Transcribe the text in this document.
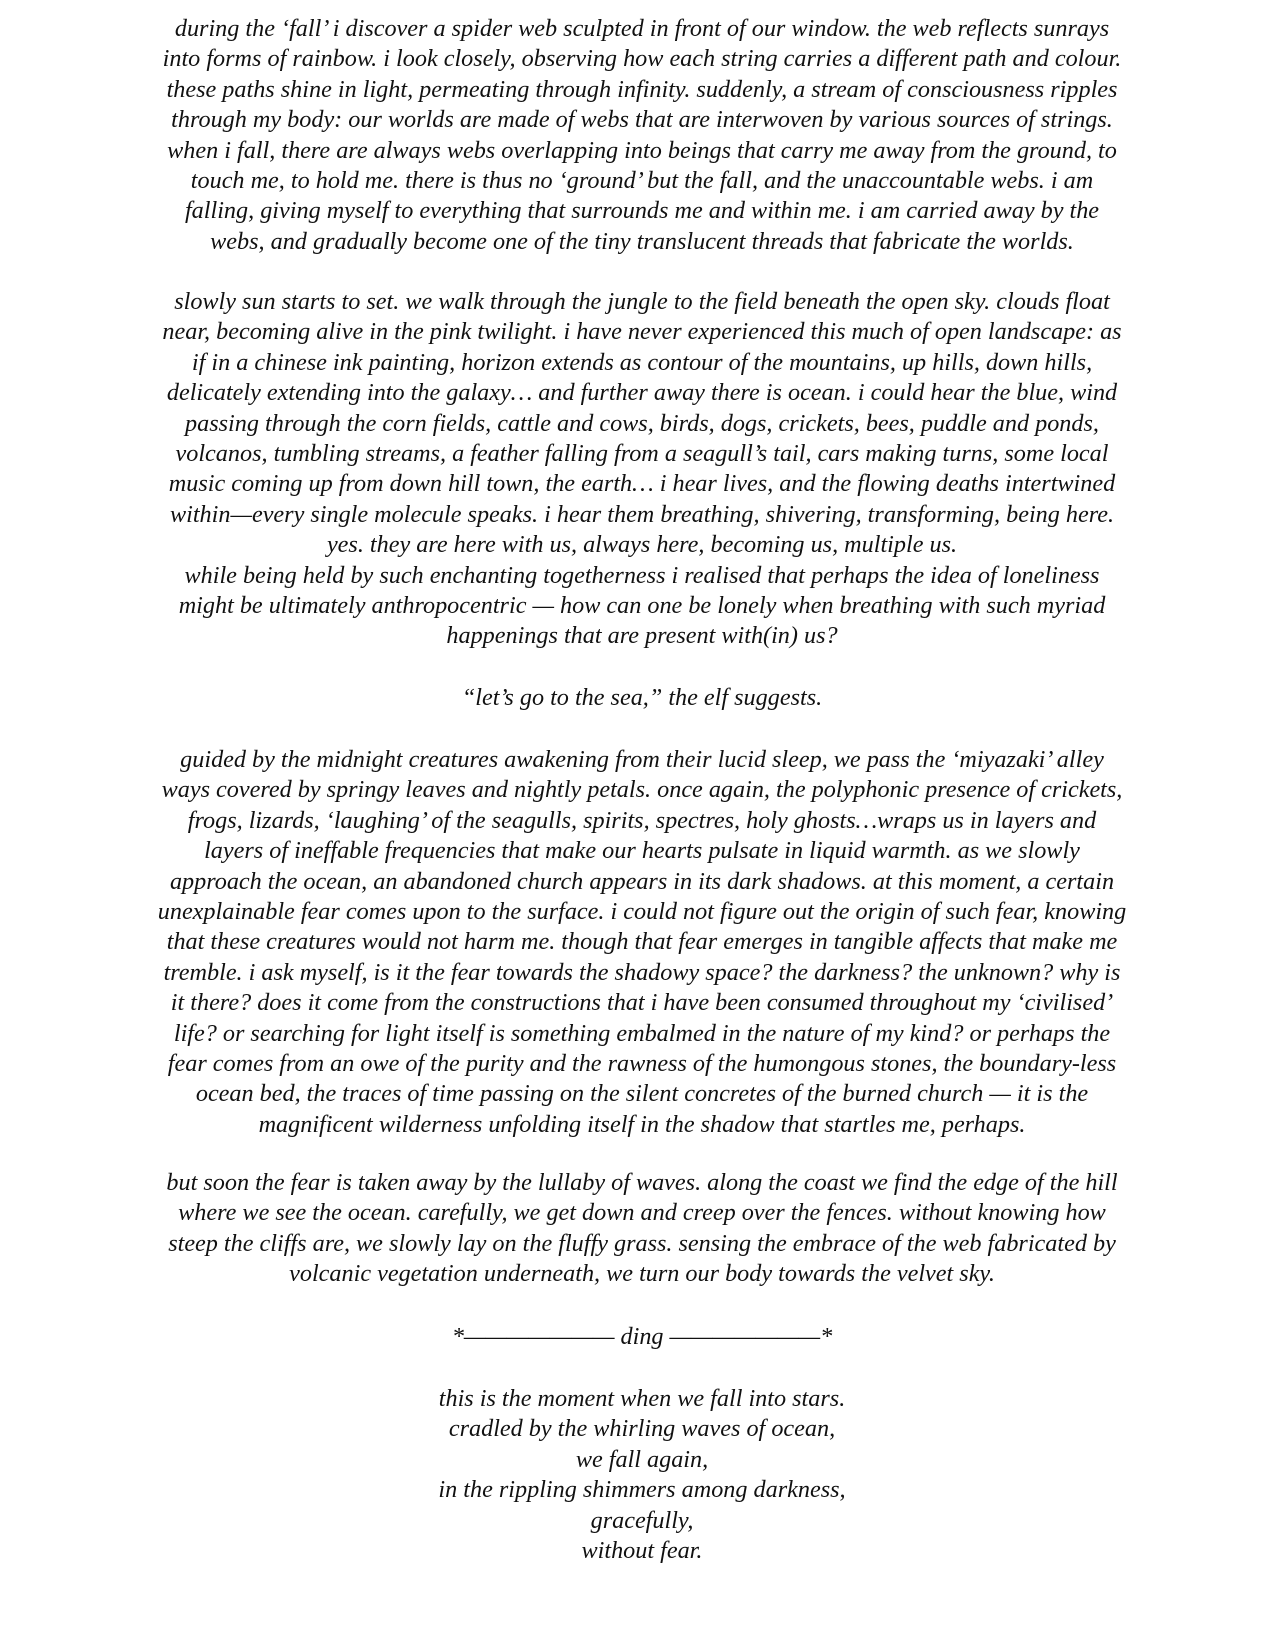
during the ‘fall’ i discover a spider web sculpted in front of our window. the web reflects sunrays
into forms of rainbow. i look closely, observing how each string carries a different path and colour.
these paths shine in light, permeating through infinity. suddenly, a stream of consciousness ripples
through my body: our worlds are made of webs that are interwoven by various sources of strings.
when i fall, there are always webs overlapping into beings that carry me away from the ground, to
touch me, to hold me. there is thus no ‘ground’ but the fall, and the unaccountable webs. i am
falling, giving myself to everything that surrounds me and within me. i am carried away by the
webs, and gradually become one of the tiny translucent threads that fabricate the worlds.
slowly sun starts to set. we walk through the jungle to the field beneath the open sky. clouds float
near, becoming alive in the pink twilight. i have never experienced this much of open landscape: as
if in a chinese ink painting, horizon extends as contour of the mountains, up hills, down hills,
delicately extending into the galaxy… and further away there is ocean. i could hear the blue, wind
passing through the corn fields, cattle and cows, birds, dogs, crickets, bees, puddle and ponds,
volcanos, tumbling streams, a feather falling from a seagull’s tail, cars making turns, some local
music coming up from down hill town, the earth… i hear lives, and the flowing deaths intertwined
within—every single molecule speaks. i hear them breathing, shivering, transforming, being here.
yes. they are here with us, always here, becoming us, multiple us.
while being held by such enchanting togetherness i realised that perhaps the idea of loneliness
might be ultimately anthropocentric — how can one be lonely when breathing with such myriad
happenings that are present with(in) us?
“let’s go to the sea,” the elf suggests.
guided by the midnight creatures awakening from their lucid sleep, we pass the ‘miyazaki’ alley
ways covered by springy leaves and nightly petals. once again, the polyphonic presence of crickets,
frogs, lizards, ‘laughing’ of the seagulls, spirits, spectres, holy ghosts…wraps us in layers and
layers of ineffable frequencies that make our hearts pulsate in liquid warmth. as we slowly
approach the ocean, an abandoned church appears in its dark shadows. at this moment, a certain
unexplainable fear comes upon to the surface. i could not figure out the origin of such fear, knowing
that these creatures would not harm me. though that fear emerges in tangible affects that make me
tremble. i ask myself, is it the fear towards the shadowy space? the darkness? the unknown? why is
it there? does it come from the constructions that i have been consumed throughout my ‘civilised’
life? or searching for light itself is something embalmed in the nature of my kind? or perhaps the
fear comes from an owe of the purity and the rawness of the humongous stones, the boundary-less
ocean bed, the traces of time passing on the silent concretes of the burned church — it is the
magnificent wilderness unfolding itself in the shadow that startles me, perhaps.
but soon the fear is taken away by the lullaby of waves. along the coast we find the edge of the hill
where we see the ocean. carefully, we get down and creep over the fences. without knowing how
steep the cliffs are, we slowly lay on the fluffy grass. sensing the embrace of the web fabricated by
volcanic vegetation underneath, we turn our body towards the velvet sky.
*——————— ding ———————*
this is the moment when we fall into stars.
cradled by the whirling waves of ocean,
we fall again,
in the rippling shimmers among darkness,
gracefully,
without fear.
